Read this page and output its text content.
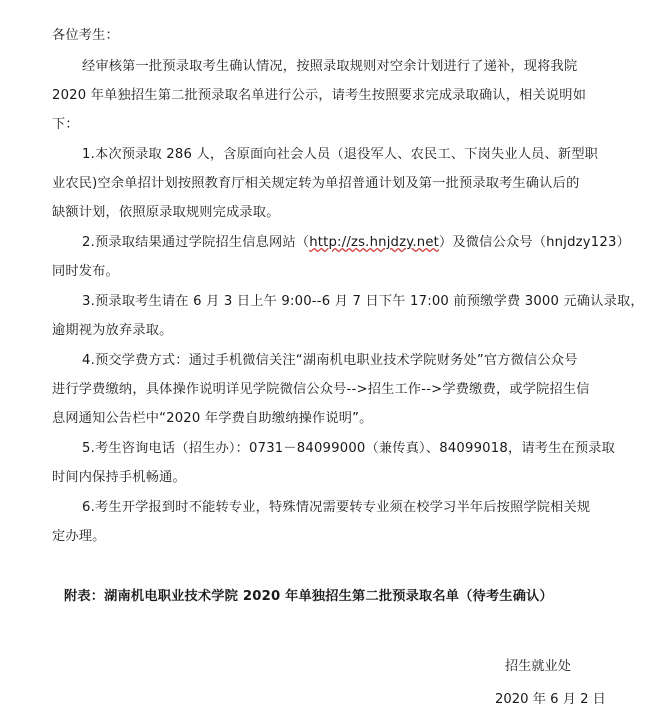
各位考生：
经审核第一批预录取考生确认情况，按照录取规则对空余计划进行了递补，现将我院
2020 年单独招生第二批预录取名单进行公示，请考生按照要求完成录取确认，相关说明如
下：
1.本次预录取 286 人，含原面向社会人员（退役军人、农民工、下岗失业人员、新型职
业农民)空余单招计划按照教育厅相关规定转为单招普通计划及第一批预录取考生确认后的
缺额计划，依照原录取规则完成录取。
2.预录取结果通过学院招生信息网站（http://zs.hnjdzy.net）及微信公众号（hnjdzy123）
同时发布。
3.预录取考生请在 6 月 3 日上午 9:00--6 月 7 日下午 17:00 前预缴学费 3000 元确认录取，
逾期视为放弃录取。
4.预交学费方式：通过手机微信关注“湖南机电职业技术学院财务处”官方微信公众号
进行学费缴纳，具体操作说明详见学院微信公众号-->招生工作-->学费缴费，或学院招生信
息网通知公告栏中“2020 年学费自助缴纳操作说明”。
5.考生咨询电话（招生办）：0731－84099000（兼传真）、84099018，请考生在预录取
时间内保持手机畅通。
6.考生开学报到时不能转专业，特殊情况需要转专业须在校学习半年后按照学院相关规
定办理。
附表：湖南机电职业技术学院 2020 年单独招生第二批预录取名单（待考生确认）
招生就业处
2020 年 6 月 2 日
